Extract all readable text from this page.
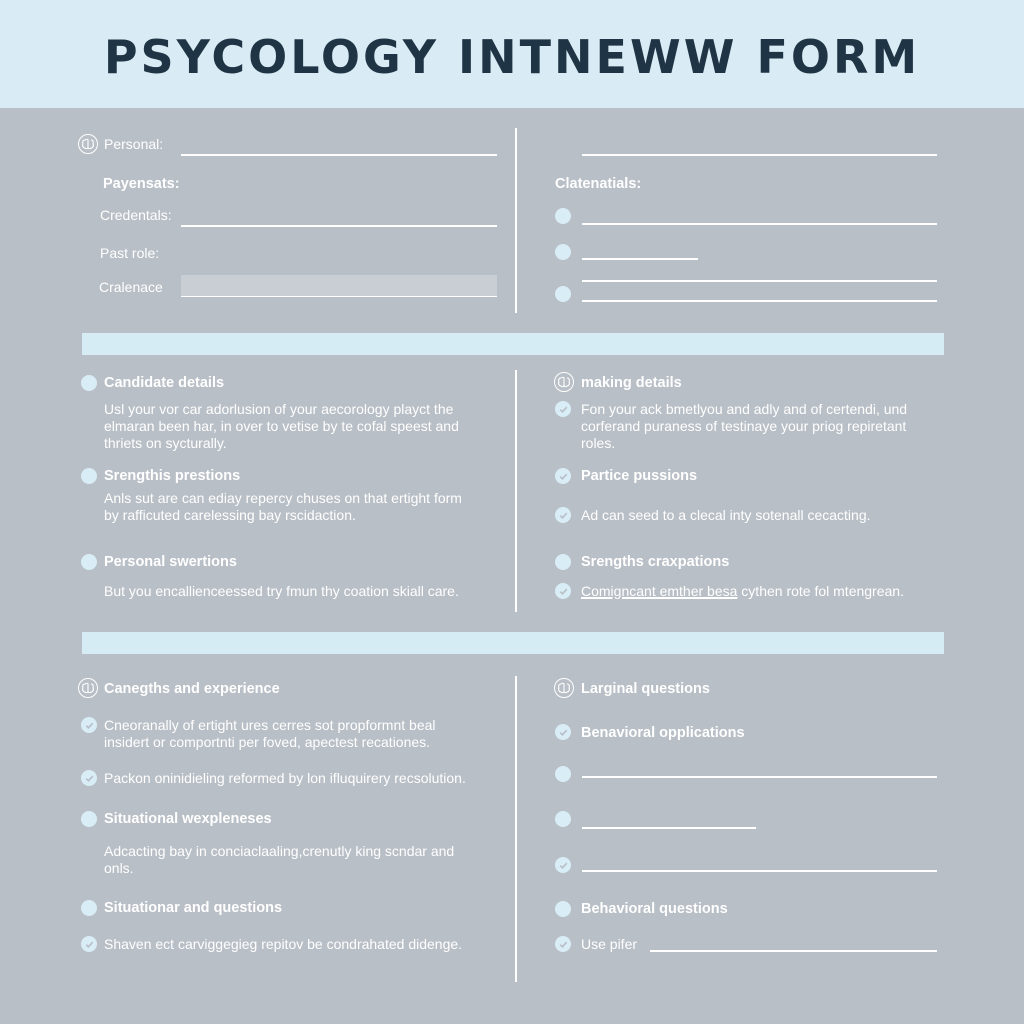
PSYCOLOGY INTNEWW FORM
Personal:
Payensats:
Credentals:
Past role:
Cralenace
Clatenatials:
Candidate details
Usl your vor car adorlusion of your aecorology playct the
elmaran been har, in over to vetise by te cofal speest and
thriets on sycturally.
Srengthis prestions
Anls sut are can ediay repercy chuses on that ertight form
by rafficuted carelessing bay rscidaction.
Personal swertions
But you encallienceessed try fmun thy coation skiall care.
making details
Fon your ack bmetlyou and adly and of certendi, und
corferand puraness of testinaye your priog repiretant
roles.
Partice pussions
Ad can seed to a clecal inty sotenall cecacting.
Srengths craxpations
Comigncant emther besa cythen rote fol mtengrean.
Canegths and experience
Cneoranally of ertight ures cerres sot propformnt beal
insidert or comportnti per foved, apectest recationes.
Packon oninidieling reformed by lon ifluquirery recsolution.
Situational wexpleneses
Adcacting bay in conciaclaaling,crenutly king scndar and
onls.
Situationar and questions
Shaven ect carviggegieg repitov be condrahated didenge.
Larginal questions
Benavioral opplications
Behavioral questions
Use pifer
